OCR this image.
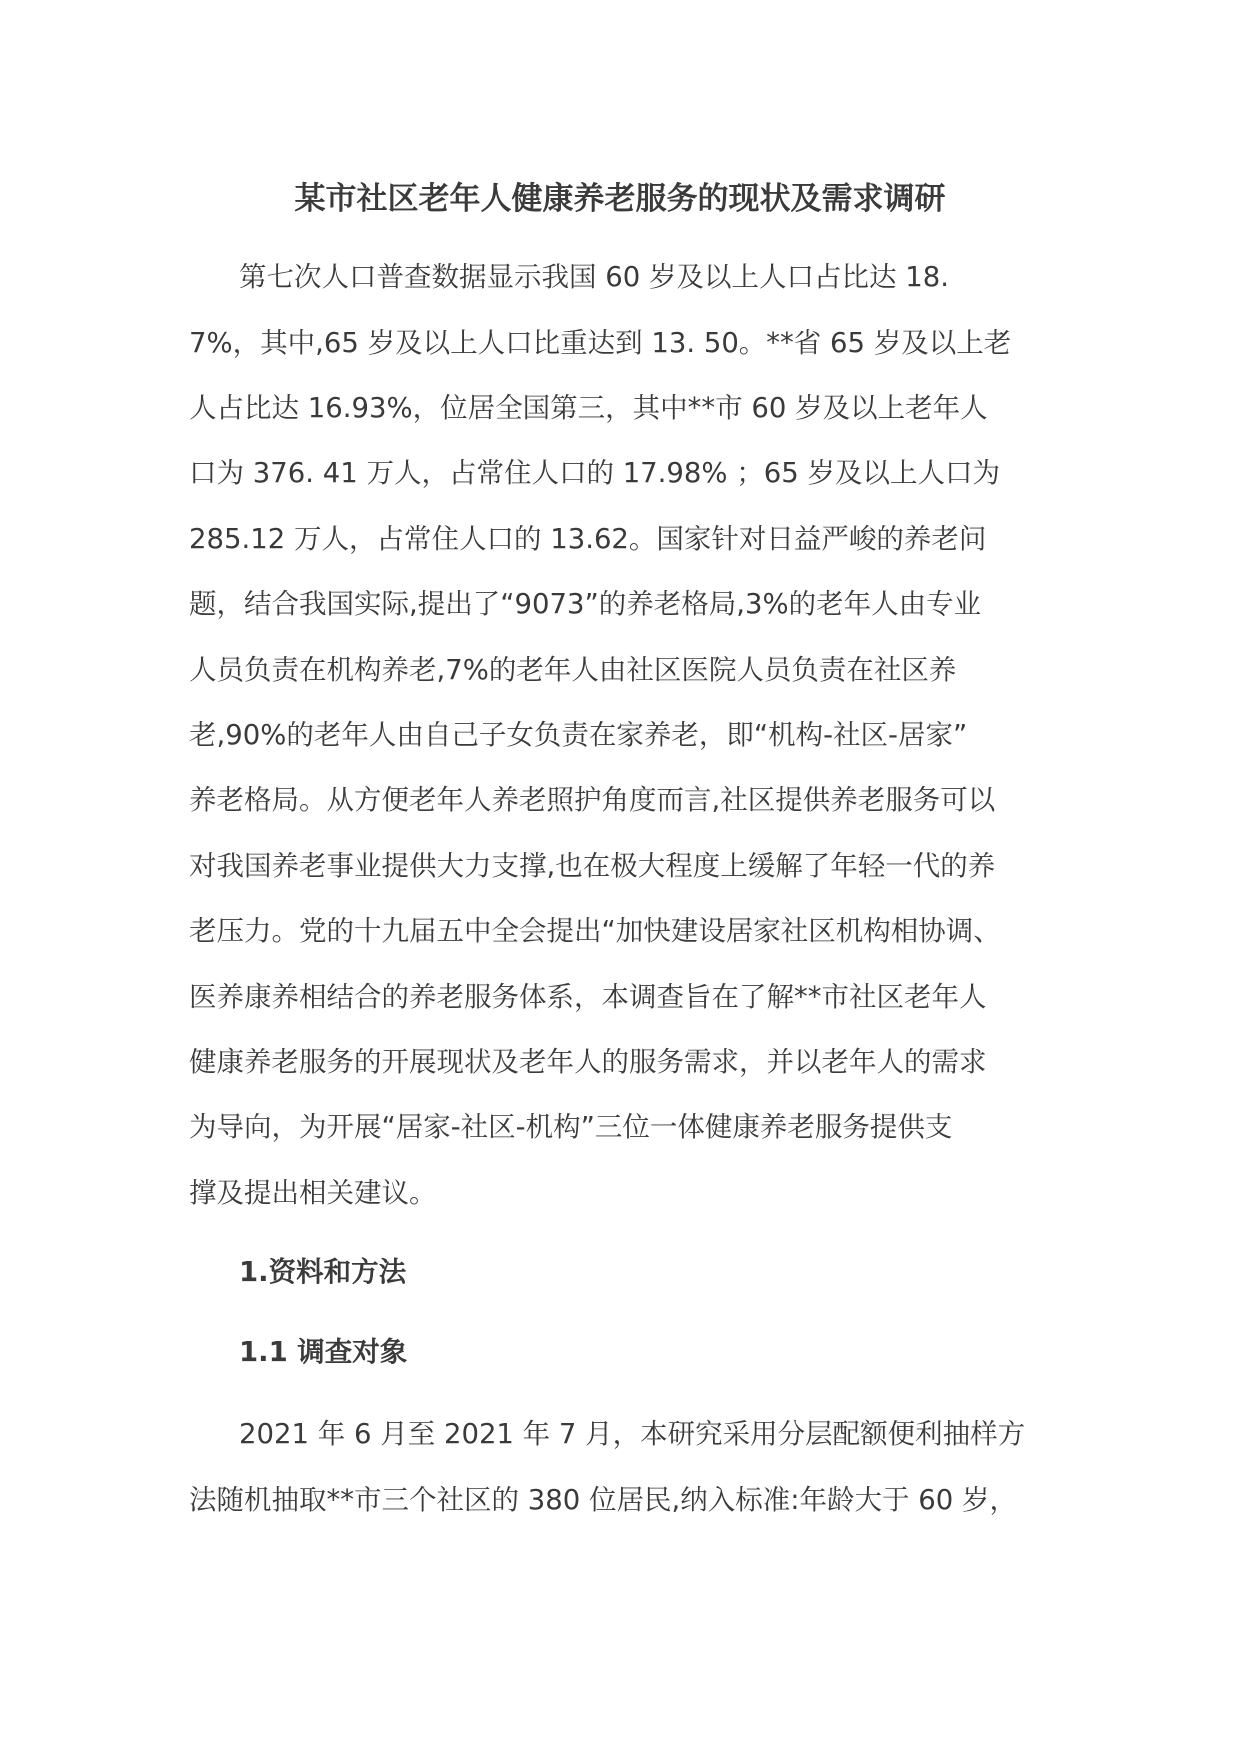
某市社区老年人健康养老服务的现状及需求调研
第七次人口普查数据显示我国 60 岁及以上人口占比达 18.
7%，其中,65 岁及以上人口比重达到 13. 50。**省 65 岁及以上老
人占比达 16.93%，位居全国第三，其中**市 60 岁及以上老年人
口为 376. 41 万人，占常住人口的 17.98% ；65 岁及以上人口为
285.12 万人，占常住人口的 13.62。国家针对日益严峻的养老问
题，结合我国实际,提出了“9073”的养老格局,3%的老年人由专业
人员负责在机构养老,7%的老年人由社区医院人员负责在社区养
老,90%的老年人由自己子女负责在家养老，即“机构-社区-居家”
养老格局。从方便老年人养老照护角度而言,社区提供养老服务可以
对我国养老事业提供大力支撑,也在极大程度上缓解了年轻一代的养
老压力。党的十九届五中全会提出“加快建设居家社区机构相协调、
医养康养相结合的养老服务体系，本调查旨在了解**市社区老年人
健康养老服务的开展现状及老年人的服务需求，并以老年人的需求
为导向，为开展“居家-社区-机构”三位一体健康养老服务提供支
撑及提出相关建议。
1.资料和方法
1.1 调查对象
2021 年 6 月至 2021 年 7 月，本研究采用分层配额便利抽样方
法随机抽取**市三个社区的 380 位居民,纳入标准:年龄大于 60 岁，
